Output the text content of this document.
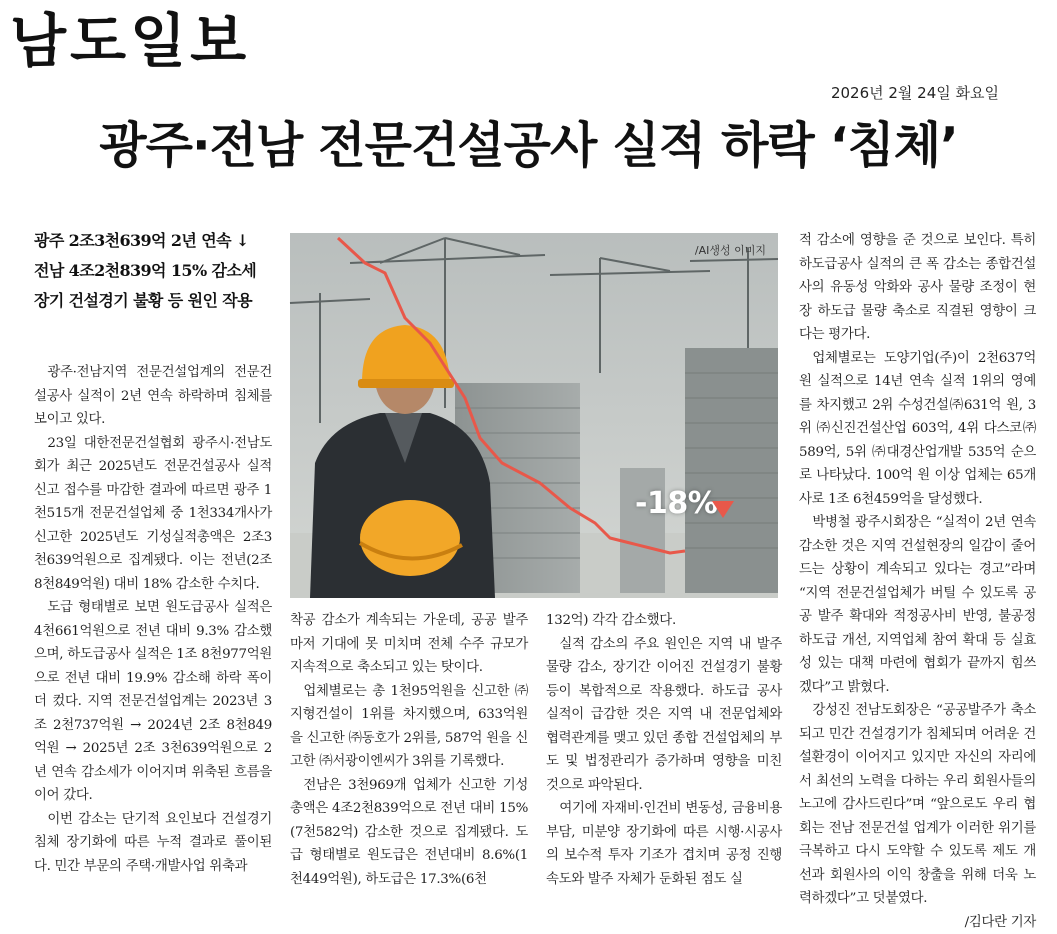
남도일보
2026년 2월 24일 화요일
광주·전남 전문건설공사 실적 하락 ‘침체’

광주 2조3천639억 2년 연속 ↓

전남 4조2천839억 15% 감소세

장기 건설경기 불황 등 원인 작용

광주·전남지역 전문건설업계의 전문건설공사 실적이 2년 연속 하락하며 침체를 보이고 있다.

23일 대한전문건설협회 광주시·전남도회가 최근 2025년도 전문건설공사 실적신고 접수를 마감한 결과에 따르면 광주 1천515개 전문건설업체 중 1천334개사가 신고한 2025년도 기성실적총액은 2조3천639억원으로 집계됐다. 이는 전년(2조 8천849억원) 대비 18% 감소한 수치다.

도급 형태별로 보면 원도급공사 실적은 4천661억원으로 전년 대비 9.3% 감소했으며, 하도급공사 실적은 1조 8천977억원으로 전년 대비 19.9% 감소해 하락 폭이 더 컸다. 지역 전문건설업계는 2023년 3조 2천737억원 → 2024년 2조 8천849억원 → 2025년 2조 3천639억원으로 2년 연속 감소세가 이어지며 위축된 흐름을 이어 갔다.

이번 감소는 단기적 요인보다 건설경기 침체 장기화에 따른 누적 결과로 풀이된다. 민간 부문의 주택·개발사업 위축과

/AI생성 이미지
-18%

착공 감소가 계속되는 가운데, 공공 발주마저 기대에 못 미치며 전체 수주 규모가 지속적으로 축소되고 있는 탓이다.

업체별로는 총 1천95억원을 신고한 ㈜지형건설이 1위를 차지했으며, 633억원을 신고한 ㈜동호가 2위를, 587억 원을 신고한 ㈜서광이엔씨가 3위를 기록했다.

전남은 3천969개 업체가 신고한 기성총액은 4조2천839억으로 전년 대비 15%(7천582억) 감소한 것으로 집계됐다. 도급 형태별로 원도급은 전년대비 8.6%(1천449억원), 하도급은 17.3%(6천

132억) 각각 감소했다.

실적 감소의 주요 원인은 지역 내 발주 물량 감소, 장기간 이어진 건설경기 불황 등이 복합적으로 작용했다. 하도급 공사 실적이 급감한 것은 지역 내 전문업체와 협력관계를 맺고 있던 종합 건설업체의 부도 및 법정관리가 증가하며 영향을 미친 것으로 파악된다.

여기에 자재비·인건비 변동성, 금융비용 부담, 미분양 장기화에 따른 시행·시공사의 보수적 투자 기조가 겹치며 공정 진행 속도와 발주 자체가 둔화된 점도 실

적 감소에 영향을 준 것으로 보인다. 특히 하도급공사 실적의 큰 폭 감소는 종합건설사의 유동성 악화와 공사 물량 조정이 현장 하도급 물량 축소로 직결된 영향이 크다는 평가다.

업체별로는 도양기업(주)이 2천637억원 실적으로 14년 연속 실적 1위의 영예를 차지했고 2위 수성건설㈜631억 원, 3위 ㈜신진건설산업 603억, 4위 다스코㈜ 589억, 5위 ㈜대경산업개발 535억 순으로 나타났다. 100억 원 이상 업체는 65개사로 1조 6천459억을 달성했다.

박병철 광주시회장은 “실적이 2년 연속 감소한 것은 지역 건설현장의 일감이 줄어드는 상황이 계속되고 있다는 경고”라며 “지역 전문건설업체가 버틸 수 있도록 공공 발주 확대와 적정공사비 반영, 불공정 하도급 개선, 지역업체 참여 확대 등 실효성 있는 대책 마련에 협회가 끝까지 힘쓰겠다”고 밝혔다.

강성진 전남도회장은 “공공발주가 축소되고 민간 건설경기가 침체되며 어려운 건설환경이 이어지고 있지만 자신의 자리에서 최선의 노력을 다하는 우리 회원사들의 노고에 감사드린다”며 “앞으로도 우리 협회는 전남 전문건설 업계가 이러한 위기를 극복하고 다시 도약할 수 있도록 제도 개선과 회원사의 이익 창출을 위해 더욱 노력하겠다”고 덧붙였다.

/김다란 기자
